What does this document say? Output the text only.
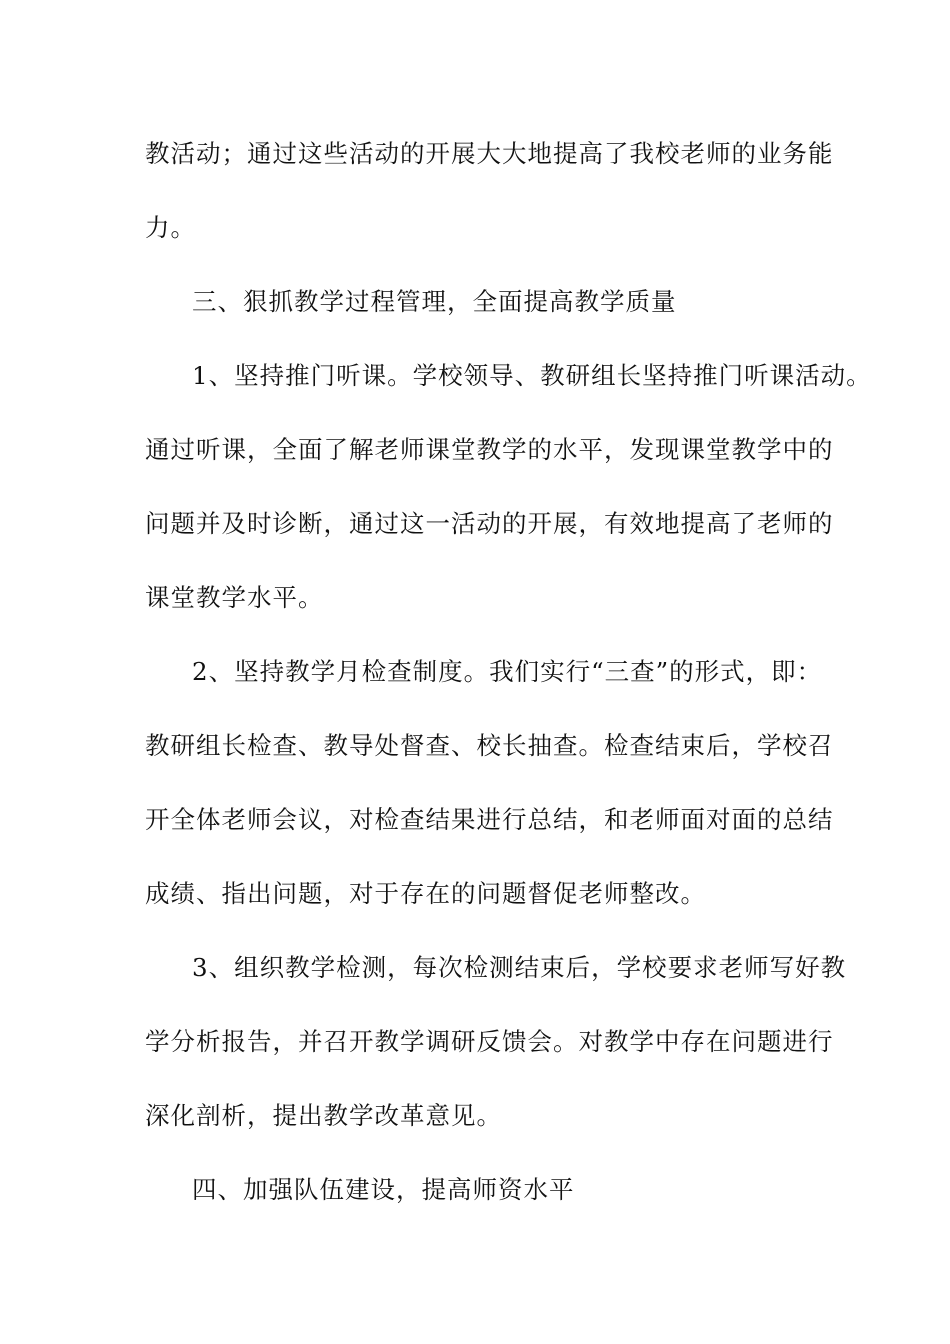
教活动；通过这些活动的开展大大地提高了我校老师的业务能
力。
三、狠抓教学过程管理，全面提高教学质量
1、坚持推门听课。学校领导、教研组长坚持推门听课活动。
通过听课，全面了解老师课堂教学的水平，发现课堂教学中的
问题并及时诊断，通过这一活动的开展，有效地提高了老师的
课堂教学水平。
2、坚持教学月检查制度。我们实行“三查”的形式，即：
教研组长检查、教导处督查、校长抽查。检查结束后，学校召
开全体老师会议，对检查结果进行总结，和老师面对面的总结
成绩、指出问题，对于存在的问题督促老师整改。
3、组织教学检测，每次检测结束后，学校要求老师写好教
学分析报告，并召开教学调研反馈会。对教学中存在问题进行
深化剖析，提出教学改革意见。
四、加强队伍建设，提高师资水平
